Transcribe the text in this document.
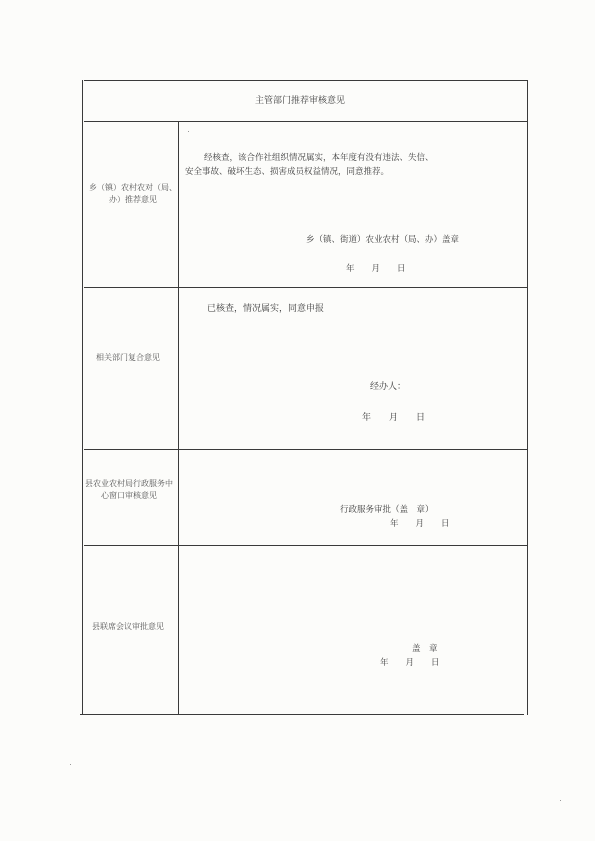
主管部门推荐审核意见
乡（镇）农村农对（局、办）推荐意见
经核查，该合作社组织情况属实，本年度有没有违法、失信、
安全事故、破坏生态、损害成员权益情况，同意推荐。
乡（镇、街道）农业农村（局、办）盖章
年　　月　　日
相关部门复合意见
已核查，情况属实，同意申报
经办人：
年　　月　　日
县农业农村局行政服务中心窗口审核意见
行政服务审批（盖　章）
年　　月　　日
县联席会议审批意见
盖　章
年　　月　　日
